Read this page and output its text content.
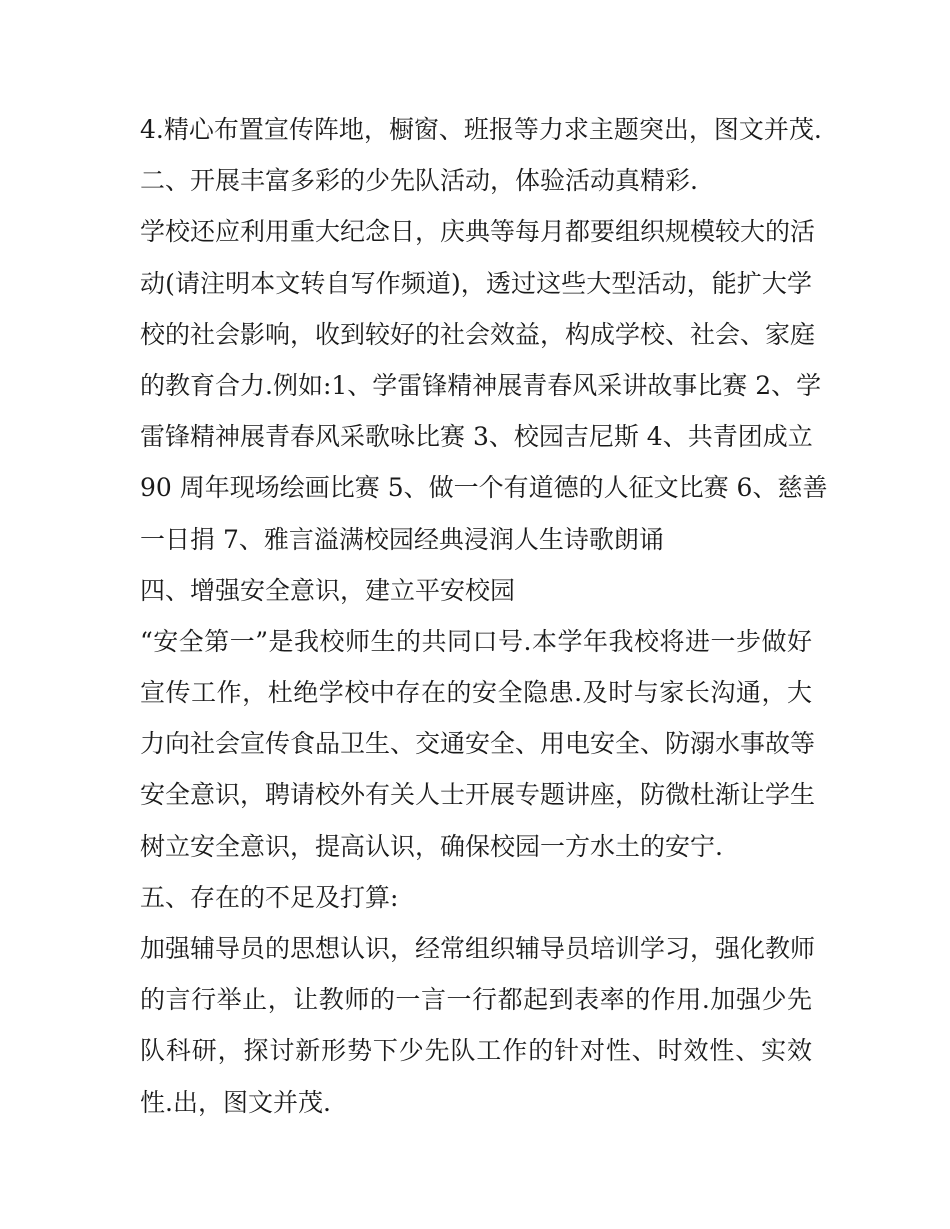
4.精心布置宣传阵地，橱窗、班报等力求主题突出，图文并茂.
二、开展丰富多彩的少先队活动，体验活动真精彩.
学校还应利用重大纪念日，庆典等每月都要组织规模较大的活
动(请注明本文转自写作频道)，透过这些大型活动，能扩大学
校的社会影响，收到较好的社会效益，构成学校、社会、家庭
的教育合力.例如:1、学雷锋精神展青春风采讲故事比赛 2、学
雷锋精神展青春风采歌咏比赛 3、校园吉尼斯 4、共青团成立
90 周年现场绘画比赛 5、做一个有道德的人征文比赛 6、慈善
一日捐 7、雅言溢满校园经典浸润人生诗歌朗诵
四、增强安全意识，建立平安校园
“安全第一”是我校师生的共同口号.本学年我校将进一步做好
宣传工作，杜绝学校中存在的安全隐患.及时与家长沟通，大
力向社会宣传食品卫生、交通安全、用电安全、防溺水事故等
安全意识，聘请校外有关人士开展专题讲座，防微杜渐让学生
树立安全意识，提高认识，确保校园一方水土的安宁.
五、存在的不足及打算:
加强辅导员的思想认识，经常组织辅导员培训学习，强化教师
的言行举止，让教师的一言一行都起到表率的作用.加强少先
队科研，探讨新形势下少先队工作的针对性、时效性、实效
性.出，图文并茂.
